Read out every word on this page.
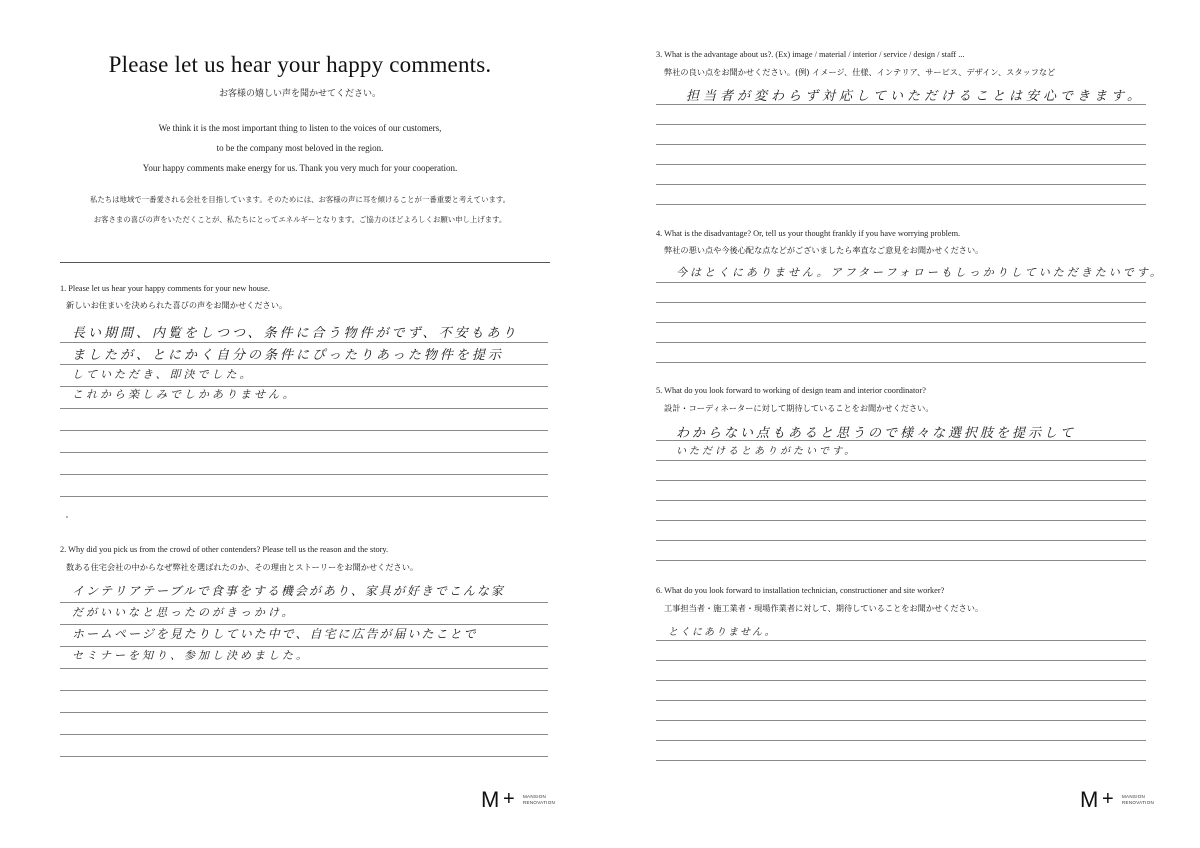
Please let us hear your happy comments.
お客様の嬉しい声を聞かせてください。
We think it is the most important thing to listen to the voices of our customers,
to be the company most beloved in the region.
Your happy comments make energy for us. Thank you very much for your cooperation.
私たちは地域で一番愛される会社を目指しています。そのためには、お客様の声に耳を傾けることが一番重要と考えています。
お客さまの喜びの声をいただくことが、私たちにとってエネルギーとなります。ご協力のほどよろしくお願い申し上げます。
1. Please let us hear your happy comments for your new house.
新しいお住まいを決められた喜びの声をお聞かせください。
長い期間、内覧をしつつ、条件に合う物件がでず、不安もあり
ましたが、とにかく自分の条件にぴったりあった物件を提示
していただき、即決でした。
これから楽しみでしかありません。
2. Why did you pick us from the crowd of other contenders? Please tell us the reason and the story.
数ある住宅会社の中からなぜ弊社を選ばれたのか、その理由とストーリーをお聞かせください。
インテリアテーブルで食事をする機会があり、家具が好きでこんな家
だがいいなと思ったのがきっかけ。
ホームページを見たりしていた中で、自宅に広告が届いたことで
セミナーを知り、参加し決めました。
M + MANSION
RENOVATION
3. What is the advantage about us?. (Ex) image / material / interior / service / design / staff ...
弊社の良い点をお聞かせください。(例) イメージ、仕様、インテリア、サービス、デザイン、スタッフなど
担当者が変わらず対応していただけることは安心できます。
4. What is the disadvantage? Or, tell us your thought frankly if you have worrying problem.
弊社の悪い点や今後心配な点などがございましたら率直なご意見をお聞かせください。
今はとくにありません。アフターフォローもしっかりしていただきたいです。
5. What do you look forward to working of design team and interior coordinator?
設計・コーディネーターに対して期待していることをお聞かせください。
わからない点もあると思うので様々な選択肢を提示して
いただけるとありがたいです。
6. What do you look forward to installation technician, constructioner and site worker?
工事担当者・施工業者・現場作業者に対して、期待していることをお聞かせください。
とくにありません。
M + MANSION
RENOVATION
